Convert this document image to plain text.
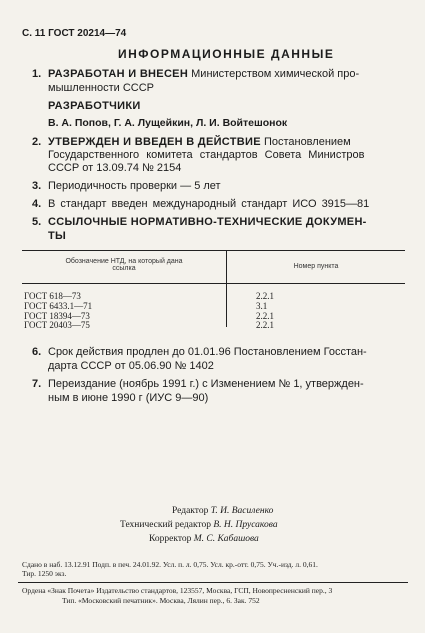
С. 11 ГОСТ 20214—74
ИНФОРМАЦИОННЫЕ ДАННЫЕ
1. РАЗРАБОТАН И ВНЕСЕН Министерством химической про-
мышленности СССР
РАЗРАБОТЧИКИ
В. А. Попов, Г. А. Лущейкин, Л. И. Войтешонок
2. УТВЕРЖДЕН И ВВЕДЕН В ДЕЙСТВИЕ Постановлением
Государственного комитета стандартов Совета Министров
СССР от 13.09.74 № 2154
3. Периодичность проверки — 5 лет
4. В стандарт введен международный стандарт ИСО 3915—81
5. ССЫЛОЧНЫЕ НОРМАТИВНО-ТЕХНИЧЕСКИЕ ДОКУМЕН-
ТЫ
Обозначение НТД, на который дана
ссылка	Номер пункта
ГОСТ 618—73	2.2.1
ГОСТ 6433.1—71	3.1
ГОСТ 18394—73	2.2.1
ГОСТ 20403—75	2.2.1
6. Срок действия продлен до 01.01.96 Постановлением Госстан-
дарта СССР от 05.06.90 № 1402
7. Переиздание (ноябрь 1991 г.) с Изменением № 1, утвержден-
ным в июне 1990 г (ИУС 9—90)
Редактор Т. И. Василенко
Технический редактор В. Н. Прусакова
Корректор М. С. Кабашова
Сдано в наб. 13.12.91 Подп. в печ. 24.01.92. Усл. п. л. 0,75. Усл. кр.-отт. 0,75. Уч.-изд. л. 0,61.
Тир. 1250 экз.
Ордена «Знак Почета» Издательство стандартов, 123557, Москва, ГСП, Новопресненский пер., 3
Тип. «Московский печатник». Москва, Лялин пер., 6. Зак. 752
